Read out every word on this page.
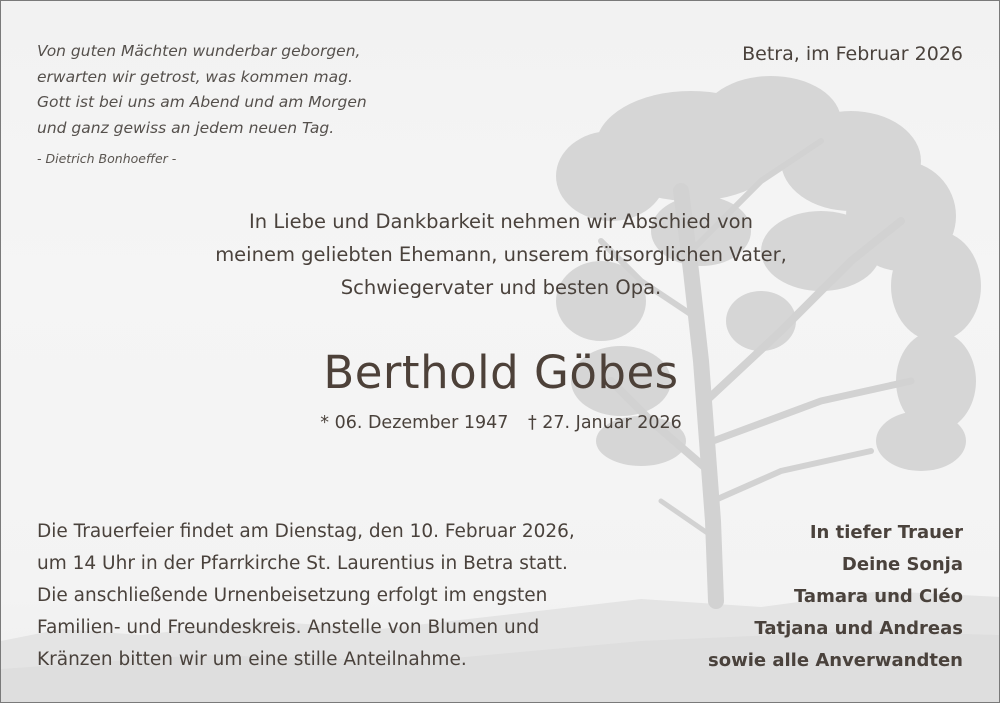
Von guten Mächten wunderbar geborgen,
erwarten wir getrost, was kommen mag.
Gott ist bei uns am Abend und am Morgen
und ganz gewiss an jedem neuen Tag.
- Dietrich Bonhoeffer -
Betra, im Februar 2026
In Liebe und Dankbarkeit nehmen wir Abschied von
meinem geliebten Ehemann, unserem fürsorglichen Vater,
Schwiegervater und besten Opa.
Berthold Göbes
* 06. Dezember 1947 † 27. Januar 2026
Die Trauerfeier findet am Dienstag, den 10. Februar 2026,
um 14 Uhr in der Pfarrkirche St. Laurentius in Betra statt.
Die anschließende Urnenbeisetzung erfolgt im engsten
Familien- und Freundeskreis. Anstelle von Blumen und
Kränzen bitten wir um eine stille Anteilnahme.
In tiefer Trauer
Deine Sonja
Tamara und Cléo
Tatjana und Andreas
sowie alle Anverwandten
